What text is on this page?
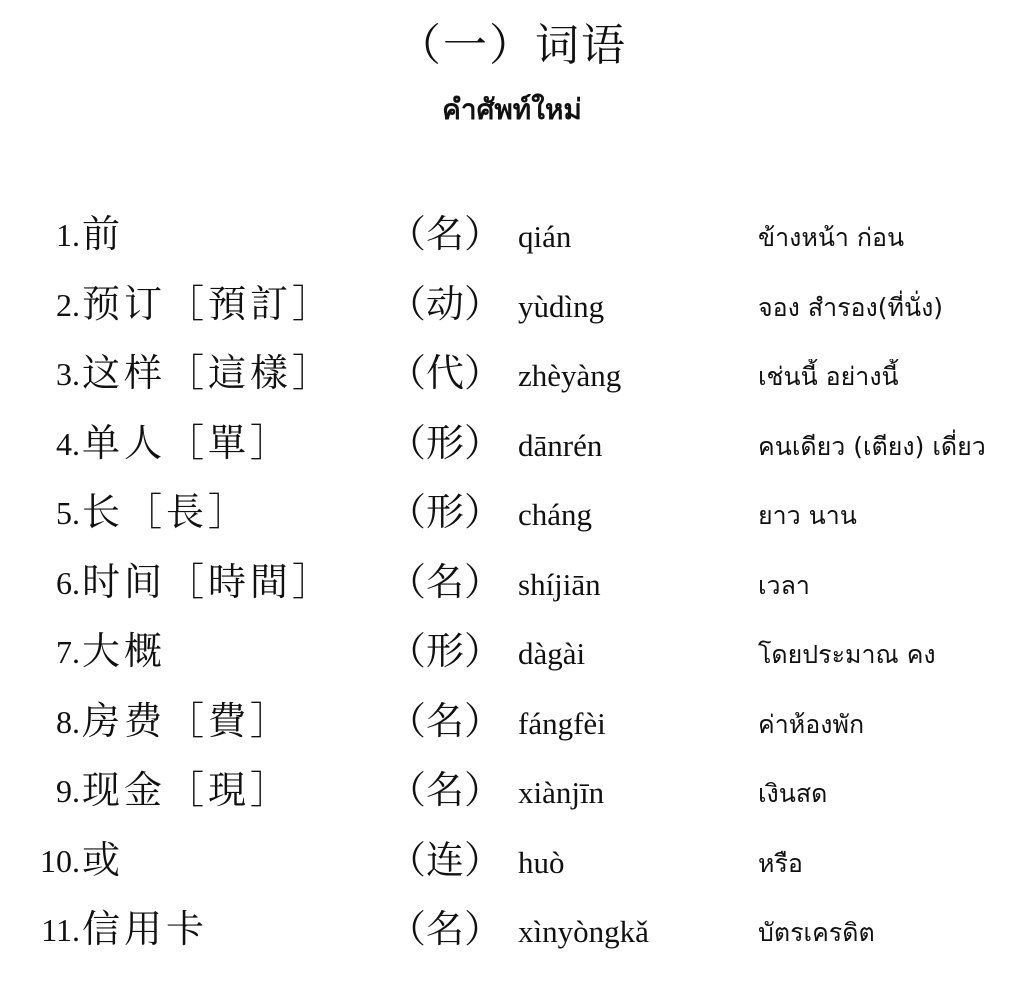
（一）词语
คำศัพท์ใหม่
1. 前	（名） qián	ข้างหน้า ก่อน
2. 预订［預訂］ （动） yùdìng	จอง สำรอง(ที่นั่ง)
3. 这样［這樣］ （代） zhèyàng	เช่นนี้ อย่างนี้
4. 单人［單］	（形） dānrén	คนเดียว (เตียง) เดี่ยว
5. 长［長］	（形） cháng	ยาว นาน
6. 时间［時間］ （名） shíjiān	เวลา
7. 大概	（形） dàgài	โดยประมาณ คง
8. 房费［費］	（名） fángfèi	ค่าห้องพัก
9. 现金［現］	（名） xiànjīn	เงินสด
10. 或	（连） huò	หรือ
11. 信用卡	（名） xìnyòngkǎ	บัตรเครดิต
